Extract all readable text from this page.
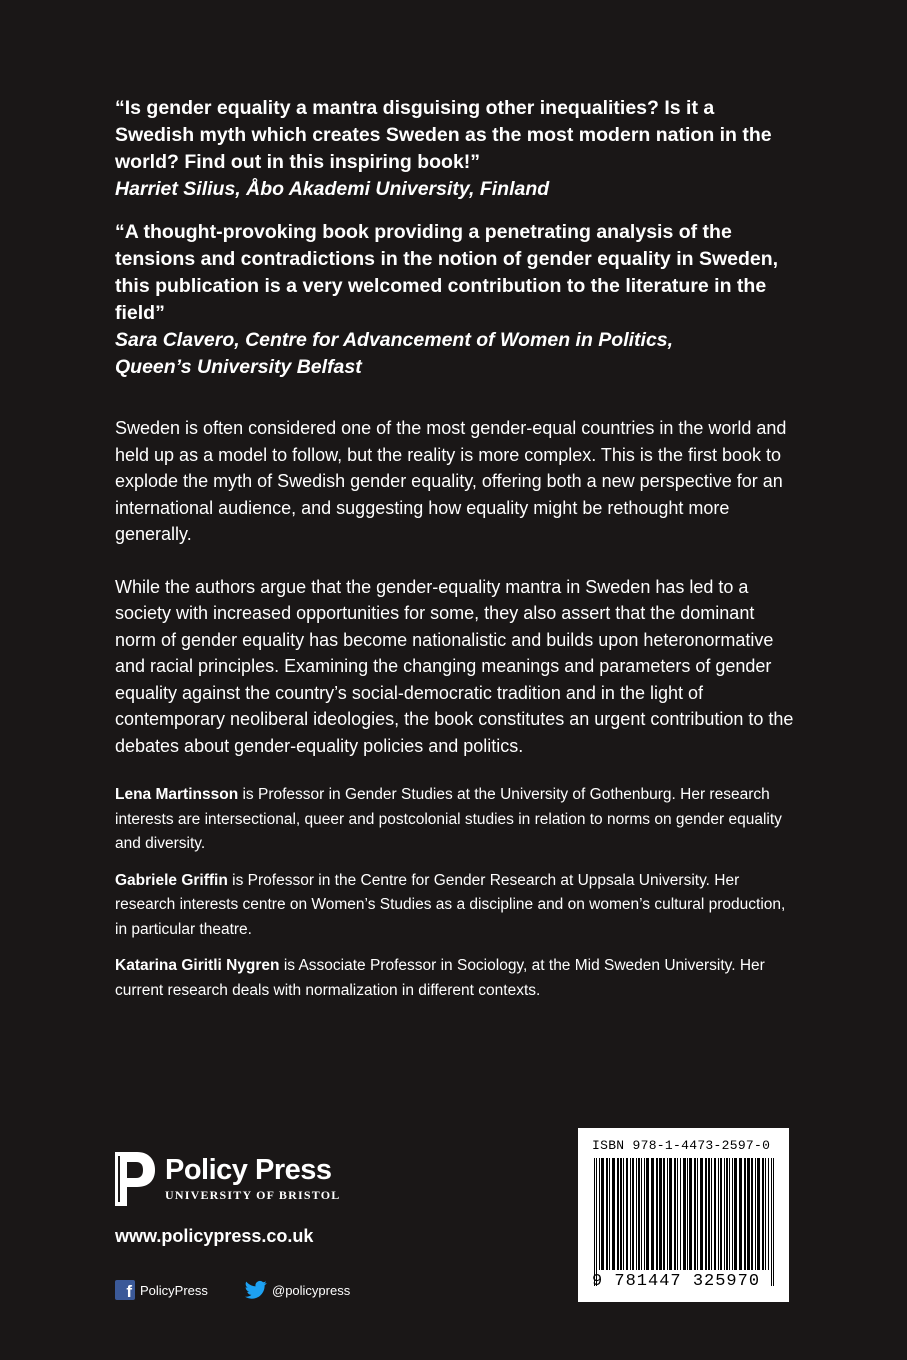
“Is gender equality a mantra disguising other inequalities? Is it a Swedish myth which creates Sweden as the most modern nation in the world? Find out in this inspiring book!”

Harriet Silius, Åbo Akademi University, Finland

“A thought-provoking book providing a penetrating analysis of the tensions and contradictions in the notion of gender equality in Sweden, this publication is a very welcomed contribution to the literature in the field”

Sara Clavero, Centre for Advancement of Women in Politics,

Queen’s University Belfast

Sweden is often considered one of the most gender-equal countries in the world and held up as a model to follow, but the reality is more complex. This is the first book to explode the myth of Swedish gender equality, offering both a new perspective for an international audience, and suggesting how equality might be rethought more generally.

While the authors argue that the gender-equality mantra in Sweden has led to a society with increased opportunities for some, they also assert that the dominant norm of gender equality has become nationalistic and builds upon heteronormative and racial principles. Examining the changing meanings and parameters of gender equality against the country’s social-democratic tradition and in the light of contemporary neoliberal ideologies, the book constitutes an urgent contribution to the debates about gender-equality policies and politics.

Lena Martinsson is Professor in Gender Studies at the University of Gothenburg. Her research interests are intersectional, queer and postcolonial studies in relation to norms on gender equality and diversity.

Gabriele Griffin is Professor in the Centre for Gender Research at Uppsala University. Her research interests centre on Women’s Studies as a discipline and on women’s cultural production, in particular theatre.

Katarina Giritli Nygren is Associate Professor in Sociology, at the Mid Sweden University. Her current research deals with normalization in different contexts.

Policy Press
UNIVERSITY OF BRISTOL
www.policypress.co.uk
f PolicyPress	@policypress
ISBN 978-1-4473-2597-0
9 781447 325970
